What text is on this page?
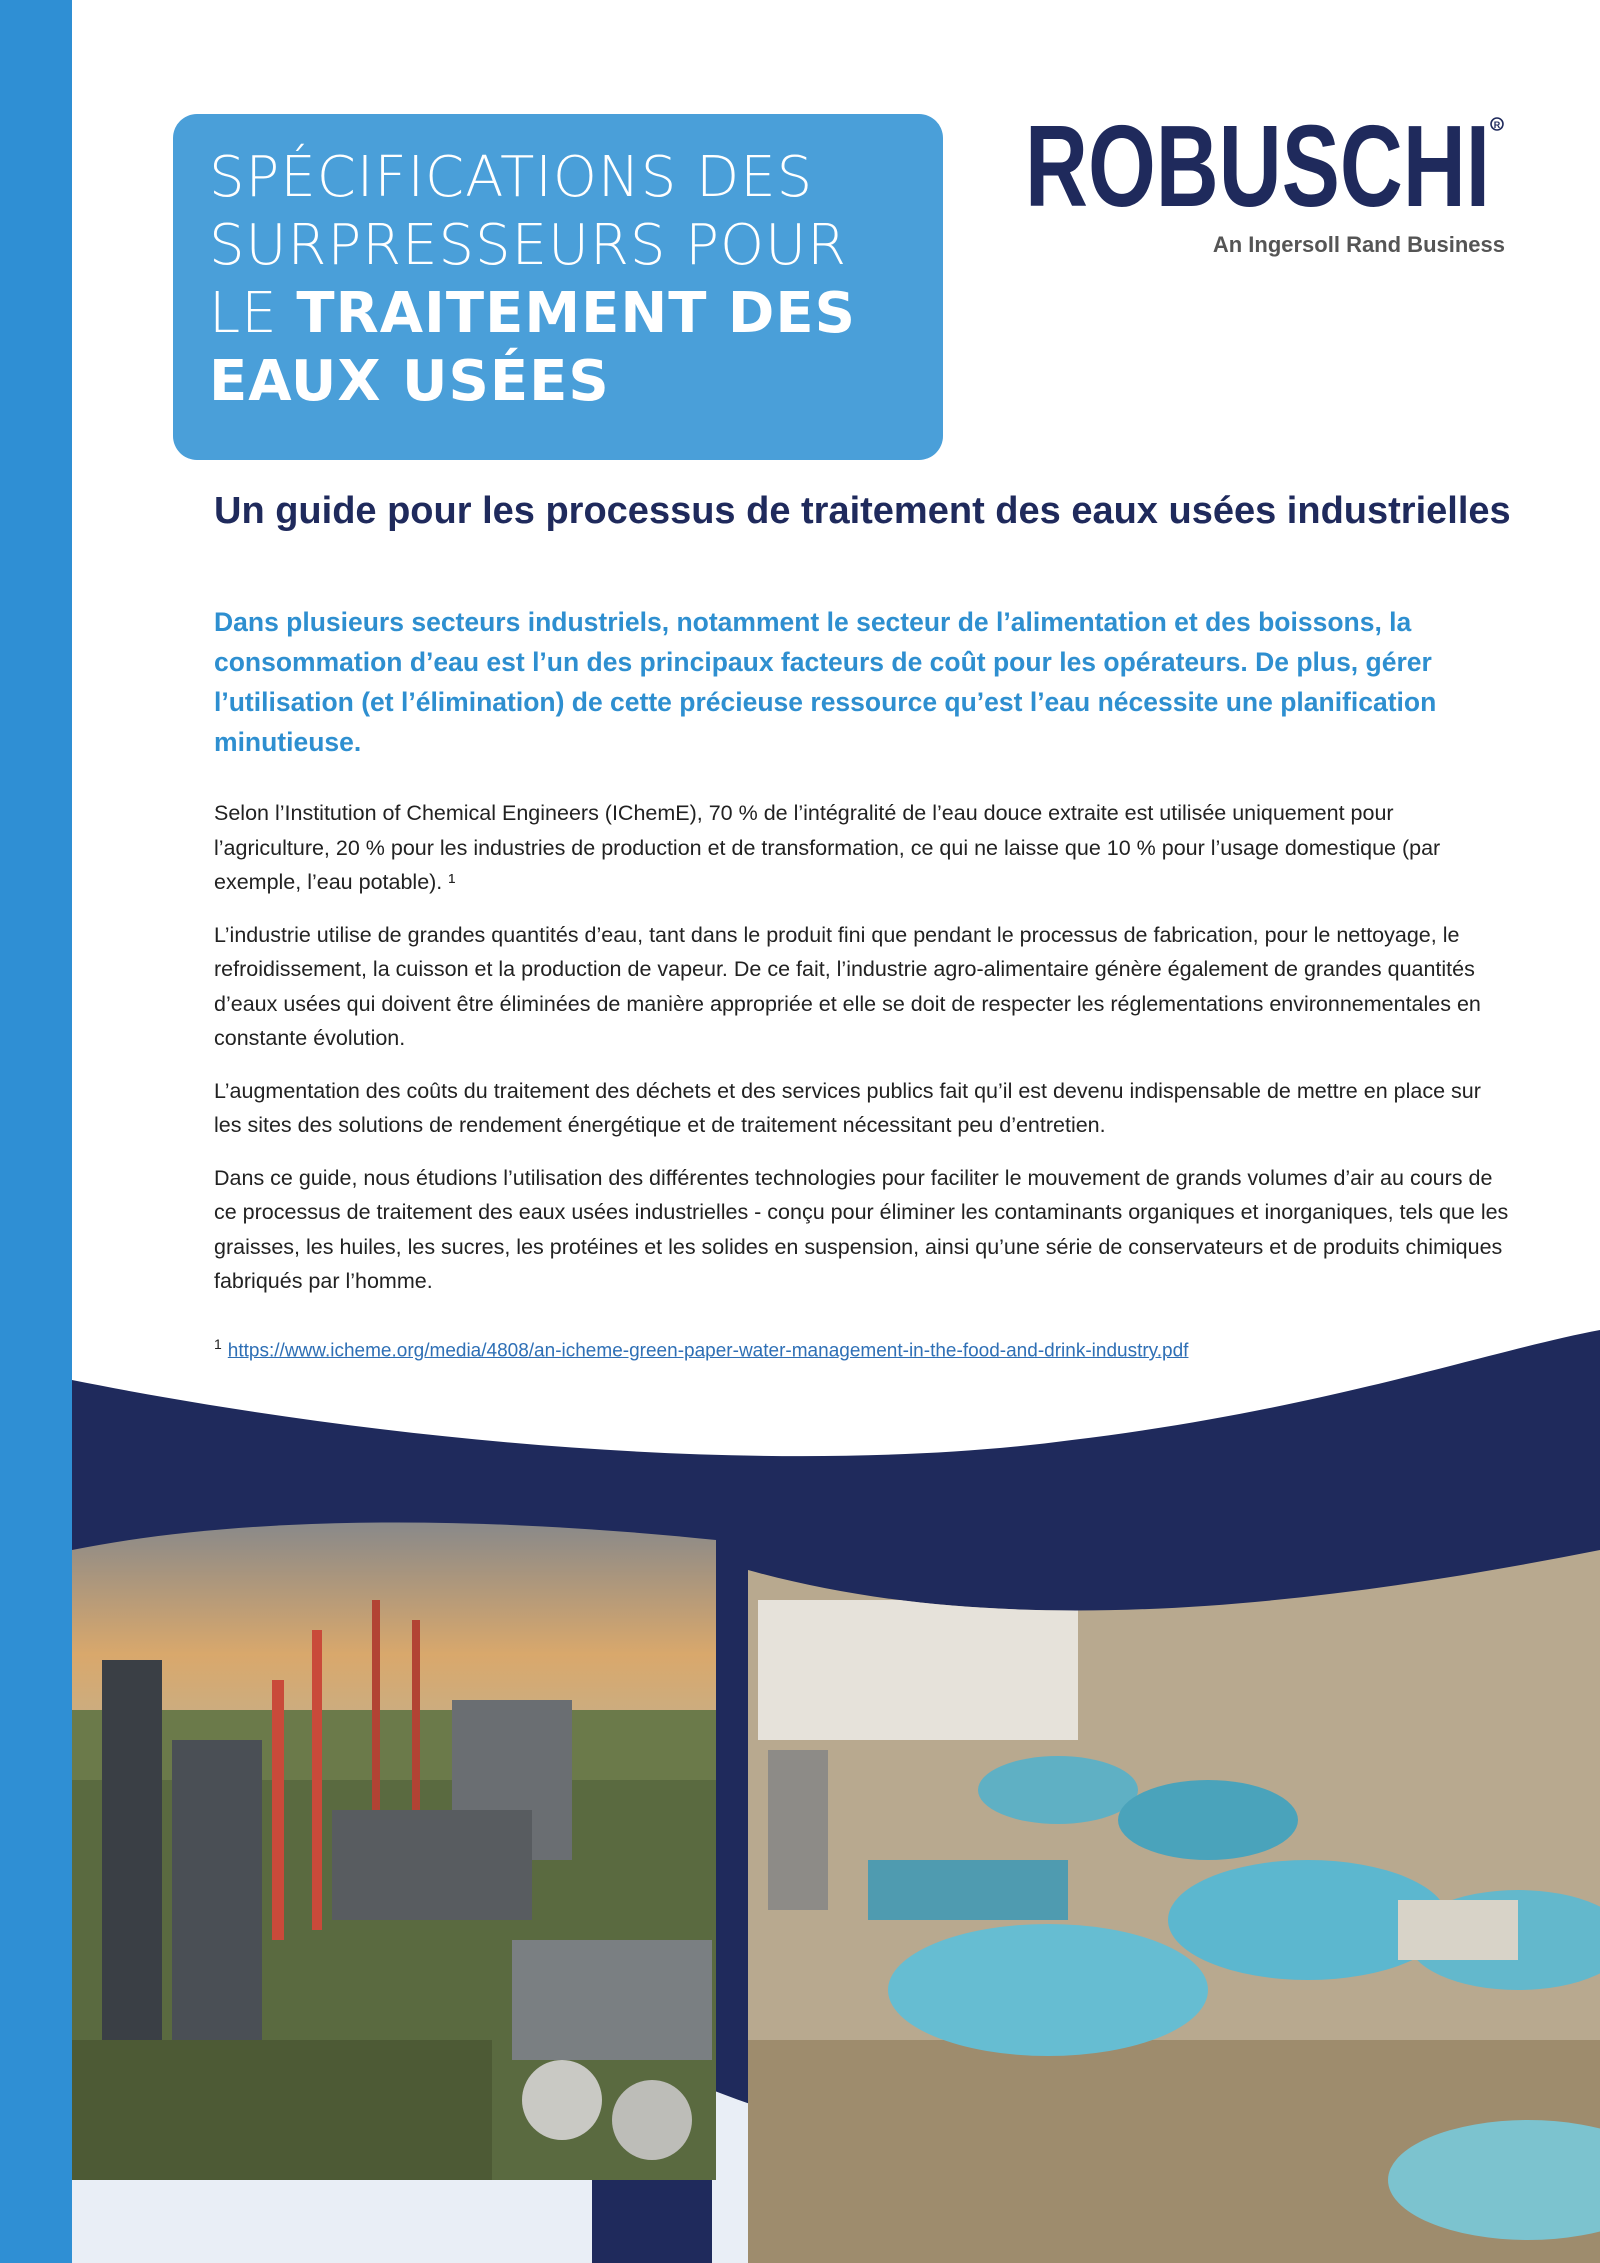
SPÉCIFICATIONS DES
SURPRESSEURS POUR
LE TRAITEMENT DES
EAUX USÉES
ROBUSCHI R
An Ingersoll Rand Business
Un guide pour les processus de traitement des eaux usées industrielles
Dans plusieurs secteurs industriels, notamment le secteur de l’alimentation et des boissons, la consommation d’eau est l’un des principaux facteurs de coût pour les opérateurs. De plus, gérer l’utilisation (et l’élimination) de cette précieuse ressource qu’est l’eau nécessite une planification minutieuse.

Selon l’Institution of Chemical Engineers (IChemE), 70 % de l’intégralité de l’eau douce extraite est utilisée uniquement pour l’agriculture, 20 % pour les industries de production et de transformation, ce qui ne laisse que 10 % pour l’usage domestique (par exemple, l’eau potable). ¹

L’industrie utilise de grandes quantités d’eau, tant dans le produit fini que pendant le processus de fabrication, pour le nettoyage, le refroidissement, la cuisson et la production de vapeur. De ce fait, l’industrie agro-alimentaire génère également de grandes quantités d’eaux usées qui doivent être éliminées de manière appropriée et elle se doit de respecter les réglementations environnementales en constante évolution.

L’augmentation des coûts du traitement des déchets et des services publics fait qu’il est devenu indispensable de mettre en place sur les sites des solutions de rendement énergétique et de traitement nécessitant peu d’entretien.

Dans ce guide, nous étudions l’utilisation des différentes technologies pour faciliter le mouvement de grands volumes d’air au cours de ce processus de traitement des eaux usées industrielles - conçu pour éliminer les contaminants organiques et inorganiques, tels que les graisses, les huiles, les sucres, les protéines et les solides en suspension, ainsi qu’une série de conservateurs et de produits chimiques fabriqués par l’homme.

$^1$ https://www.icheme.org/media/4808/an-icheme-green-paper-water-management-in-the-food-and-drink-industry.pdf
